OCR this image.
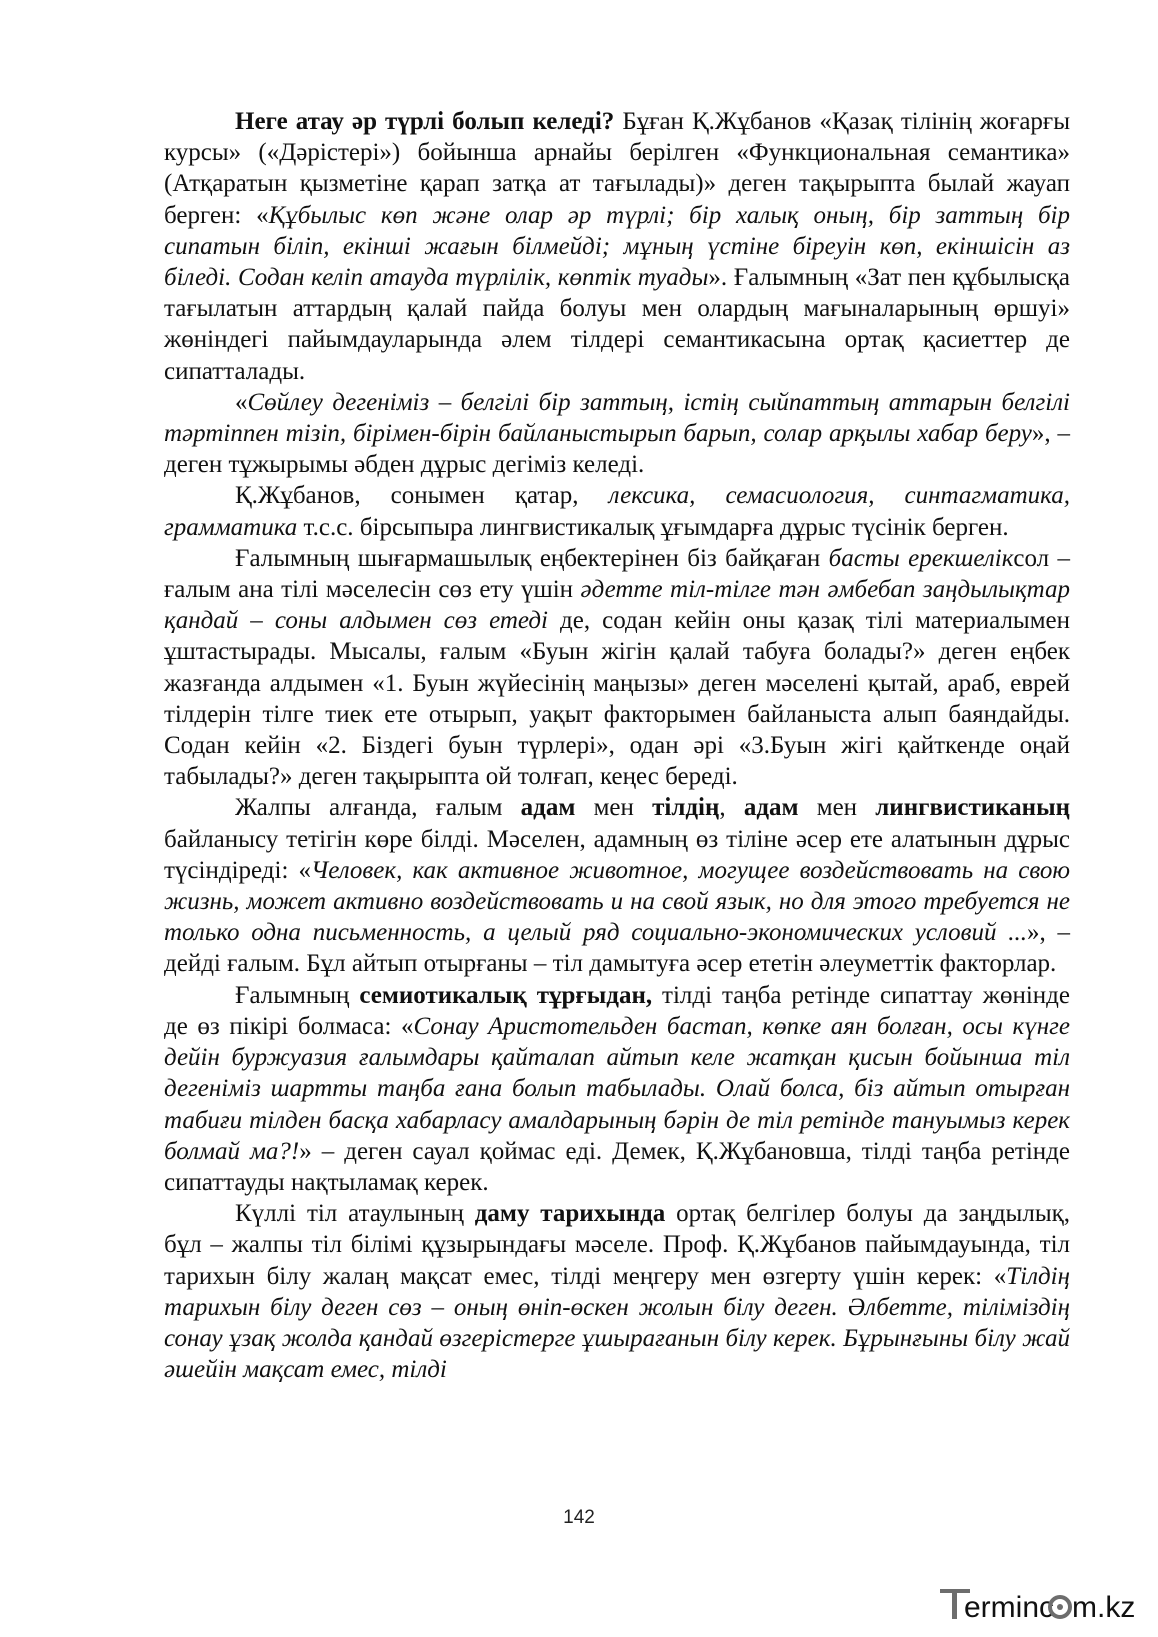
Неге атау әр түрлі болып келеді? Бұған Қ.Жұбанов «Қазақ тілінің жоғарғы курсы» («Дәрістері») бойынша арнайы берілген «Функциональная семантика» (Атқаратын қызметіне қарап затқа ат тағылады)» деген тақырыпта былай жауап берген: «Құбылыс көп және олар әр түрлі; бір халық оның, бір заттың бір сипатын біліп, екінші жағын білмейді; мұның үстіне біреуін көп, екіншісін аз біледі. Содан келіп атауда түрлілік, көптік туады». Ғалымның «Зат пен құбылысқа тағылатын аттардың қалай пайда болуы мен олардың мағыналарының өршуі» жөніндегі пайымдауларында әлем тілдері семантикасына ортақ қасиеттер де сипатталады.

«Сөйлеу дегеніміз – белгілі бір заттың, істің сыйпаттың аттарын белгілі тәртіппен тізіп, бірімен-бірін байланыстырып барып, солар арқылы хабар беру», – деген тұжырымы әбден дұрыс дегіміз келеді.

Қ.Жұбанов, сонымен қатар, лексика, семасиология, синтагматика, грамматика т.с.с. бірсыпыра лингвистикалық ұғымдарға дұрыс түсінік берген.

Ғалымның шығармашылық еңбектерінен біз байқаған басты ерекшеліксол – ғалым ана тілі мәселесін сөз ету үшін әдетте тіл-тілге тән әмбебап заңдылықтар қандай – соны алдымен сөз етеді де, содан кейін оны қазақ тілі материалымен ұштастырады. Мысалы, ғалым «Буын жігін қалай табуға болады?» деген еңбек жазғанда алдымен «1. Буын жүйесінің маңызы» деген мәселені қытай, араб, еврей тілдерін тілге тиек ете отырып, уақыт факторымен байланыста алып баяндайды. Содан кейін «2. Біздегі буын түрлері», одан әрі «3.Буын жігі қайткенде оңай табылады?» деген тақырыпта ой толғап, кеңес береді.

Жалпы алғанда, ғалым адам мен тілдің, адам мен лингвистиканың байланысу тетігін көре білді. Мәселен, адамның өз тіліне әсер ете алатынын дұрыс түсіндіреді: «Человек, как активное животное, могущее воздействовать на свою жизнь, может активно воздействовать и на свой язык, но для этого требуется не только одна письменность, а целый ряд социально-экономических условий ...», – дейді ғалым. Бұл айтып отырғаны – тіл дамытуға әсер ететін әлеуметтік факторлар.

Ғалымның семиотикалық тұрғыдан, тілді таңба ретінде сипаттау жөнінде де өз пікірі болмаса: «Сонау Аристотельден бастап, көпке аян болған, осы күнге дейін буржуазия ғалымдары қайталап айтып келе жатқан қисын бойынша тіл дегеніміз шартты таңба ғана болып табылады. Олай болса, біз айтып отырған табиғи тілден басқа хабарласу амалдарының бәрін де тіл ретінде тануымыз керек болмай ма?!» – деген сауал қоймас еді. Демек, Қ.Жұбановша, тілді таңба ретінде сипаттауды нақтыламақ керек.

Күллі тіл атаулының даму тарихында ортақ белгілер болуы да заңдылық, бұл – жалпы тіл білімі құзырындағы мәселе. Проф. Қ.Жұбанов пайымдауында, тіл тарихын білу жалаң мақсат емес, тілді меңгеру мен өзгерту үшін керек: «Тілдің тарихын білу деген сөз – оның өніп-өскен жолын білу деген. Әлбетте, тіліміздің сонау ұзақ жолда қандай өзгерістерге ұшырағанын білу керек. Бұрынғыны білу жай әшейін мақсат емес, тілді

142
erminc m.kz
